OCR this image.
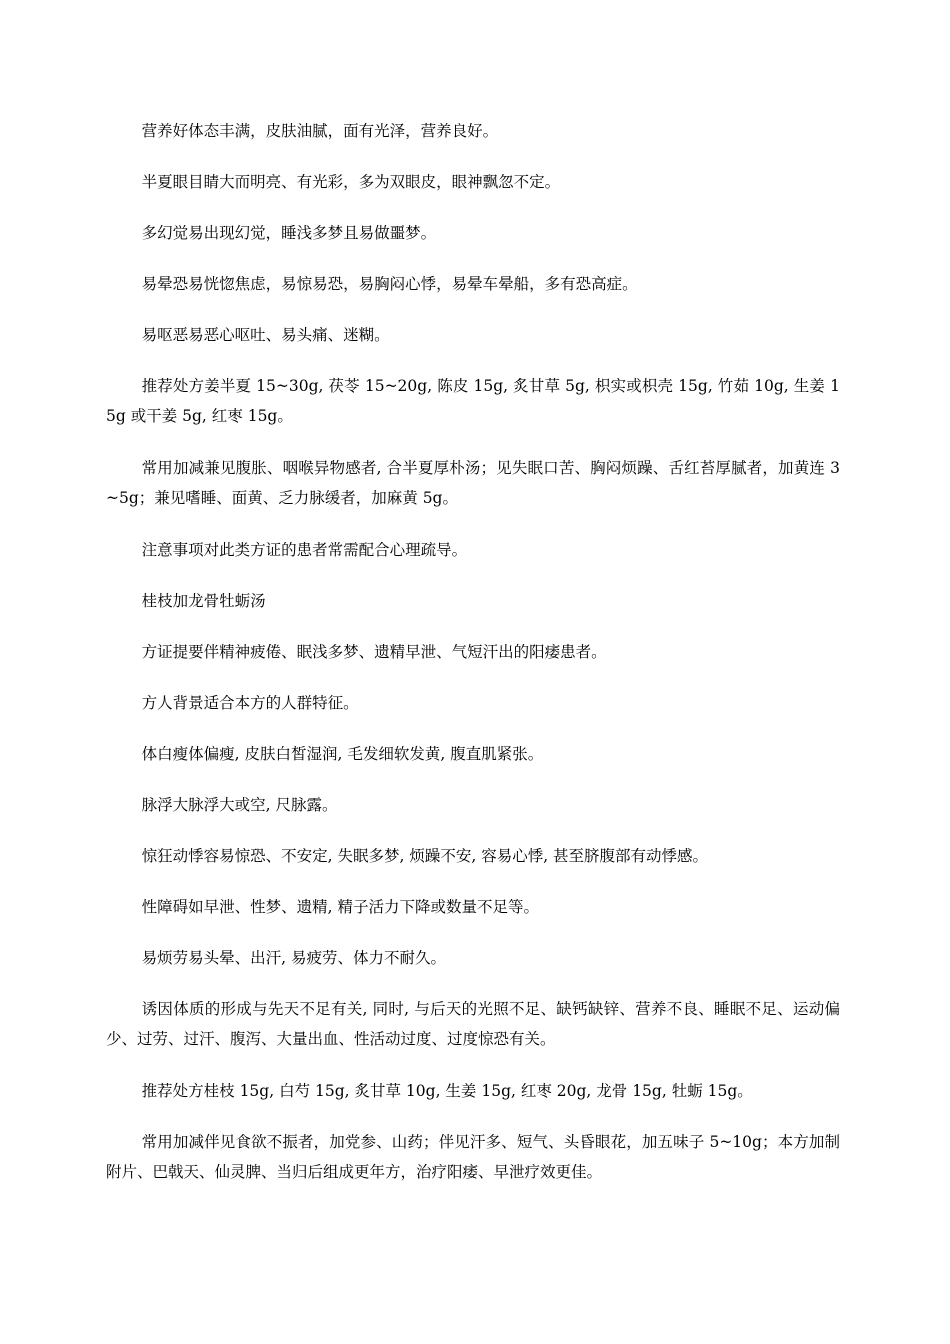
营养好体态丰满，皮肤油腻，面有光泽，营养良好。

半夏眼目睛大而明亮、有光彩，多为双眼皮，眼神飘忽不定。

多幻觉易出现幻觉，睡浅多梦且易做噩梦。

易晕恐易恍惚焦虑，易惊易恐，易胸闷心悸，易晕车晕船，多有恐高症。

易呕恶易恶心呕吐、易头痛、迷糊。

推荐处方姜半夏 15~30g, 茯苓 15~20g, 陈皮 15g, 炙甘草 5g, 枳实或枳壳 15g, 竹茹 10g, 生姜 15g 或干姜 5g, 红枣 15g。

常用加减兼见腹胀、咽喉异物感者, 合半夏厚朴汤；见失眠口苦、胸闷烦躁、舌红苔厚腻者，加黄连 3~5g；兼见嗜睡、面黄、乏力脉缓者，加麻黄 5g。

注意事项对此类方证的患者常需配合心理疏导。

桂枝加龙骨牡蛎汤

方证提要伴精神疲倦、眠浅多梦、遗精早泄、气短汗出的阳痿患者。

方人背景适合本方的人群特征。

体白瘦体偏瘦, 皮肤白皙湿润, 毛发细软发黄, 腹直肌紧张。

脉浮大脉浮大或空, 尺脉露。

惊狂动悸容易惊恐、不安定, 失眠多梦, 烦躁不安, 容易心悸, 甚至脐腹部有动悸感。

性障碍如早泄、性梦、遗精, 精子活力下降或数量不足等。

易烦劳易头晕、出汗, 易疲劳、体力不耐久。

诱因体质的形成与先天不足有关, 同时, 与后天的光照不足、缺钙缺锌、营养不良、睡眠不足、运动偏少、过劳、过汗、腹泻、大量出血、性活动过度、过度惊恐有关。

推荐处方桂枝 15g, 白芍 15g, 炙甘草 10g, 生姜 15g, 红枣 20g, 龙骨 15g, 牡蛎 15g。

常用加减伴见食欲不振者，加党参、山药；伴见汗多、短气、头昏眼花，加五味子 5~10g；本方加制附片、巴戟天、仙灵脾、当归后组成更年方，治疗阳痿、早泄疗效更佳。
